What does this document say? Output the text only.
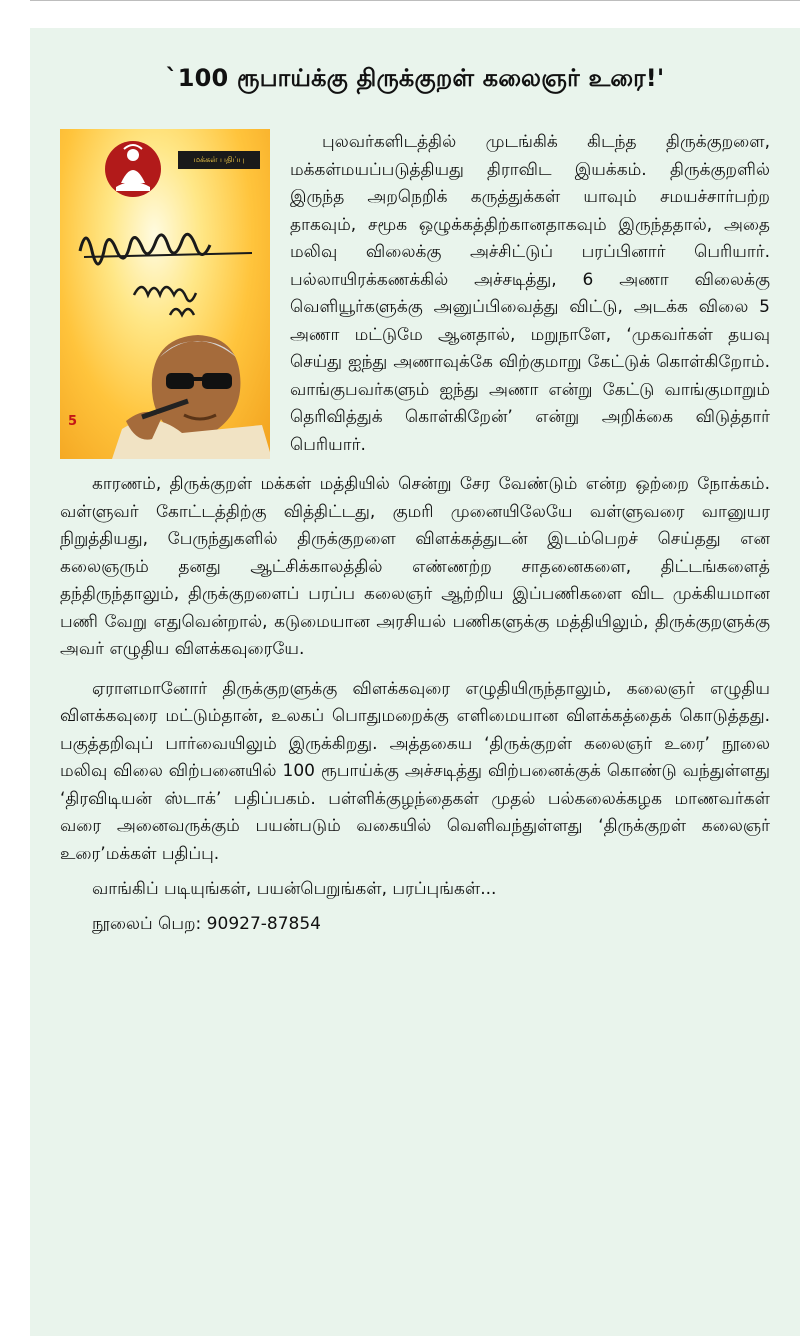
`100 ரூபாய்க்கு திருக்குறள் கலைஞர் உரை!'
மக்கள் பதிப்பு
5

புலவர்களிடத்தில் முடங்கிக் கிடந்த திருக்குறளை, மக்கள்மயப்படுத்தியது திராவிட இயக்கம். திருக்குறளில் இருந்த அறநெறிக் கருத்துக்கள் யாவும் சமயச்சார்பற்ற தாகவும், சமூக ஒழுக்கத்திற்கானதாகவும் இருந்ததால், அதை மலிவு விலைக்கு அச்சிட்டுப் பரப்பினார் பெரியார். பல்லாயிரக்கணக்கில் அச்சடித்து, 6 அணா விலைக்கு வெளியூர்களுக்கு அனுப்பிவைத்து விட்டு, அடக்க விலை 5 அணா மட்டுமே ஆனதால், மறுநாளே, ‘முகவர்கள் தயவு செய்து ஐந்து அணாவுக்கே விற்குமாறு கேட்டுக் கொள்கிறோம். வாங்குபவர்களும் ஐந்து அணா என்று கேட்டு வாங்குமாறும் தெரிவித்துக் கொள்கிறேன்’ என்று அறிக்கை விடுத்தார் பெரியார்.

காரணம், திருக்குறள் மக்கள் மத்தியில் சென்று சேர வேண்டும் என்ற ஒற்றை நோக்கம். வள்ளுவர் கோட்டத்திற்கு வித்திட்டது, குமரி முனையிலேயே வள்ளுவரை வானுயர நிறுத்தியது, பேருந்துகளில் திருக்குறளை விளக்கத்துடன் இடம்பெறச் செய்தது என கலைஞரும் தனது ஆட்சிக்காலத்தில் எண்ணற்ற சாதனைகளை, திட்டங்களைத் தந்திருந்தாலும், திருக்குறளைப் பரப்ப கலைஞர் ஆற்றிய இப்பணிகளை விட முக்கியமான பணி வேறு எதுவென்றால், கடுமையான அரசியல் பணிகளுக்கு மத்தியிலும், திருக்குறளுக்கு அவர் எழுதிய விளக்கவுரையே.

ஏராளமானோர் திருக்குறளுக்கு விளக்கவுரை எழுதியிருந்தாலும், கலைஞர் எழுதிய விளக்கவுரை மட்டும்தான், உலகப் பொதுமறைக்கு எளிமையான விளக்கத்தைக் கொடுத்தது. பகுத்தறிவுப் பார்வையிலும் இருக்கிறது. அத்தகைய ‘திருக்குறள் கலைஞர் உரை’ நூலை மலிவு விலை விற்பனையில் 100 ரூபாய்க்கு அச்சடித்து விற்பனைக்குக் கொண்டு வந்துள்ளது ‘திரவிடியன் ஸ்டாக்’ பதிப்பகம். பள்ளிக்குழந்தைகள் முதல் பல்கலைக்கழக மாணவர்கள் வரை அனைவருக்கும் பயன்படும் வகையில் வெளிவந்துள்ளது ‘திருக்குறள் கலைஞர் உரை’மக்கள் பதிப்பு.

வாங்கிப் படியுங்கள், பயன்பெறுங்கள், பரப்புங்கள்...

நூலைப் பெற: 90927-87854
